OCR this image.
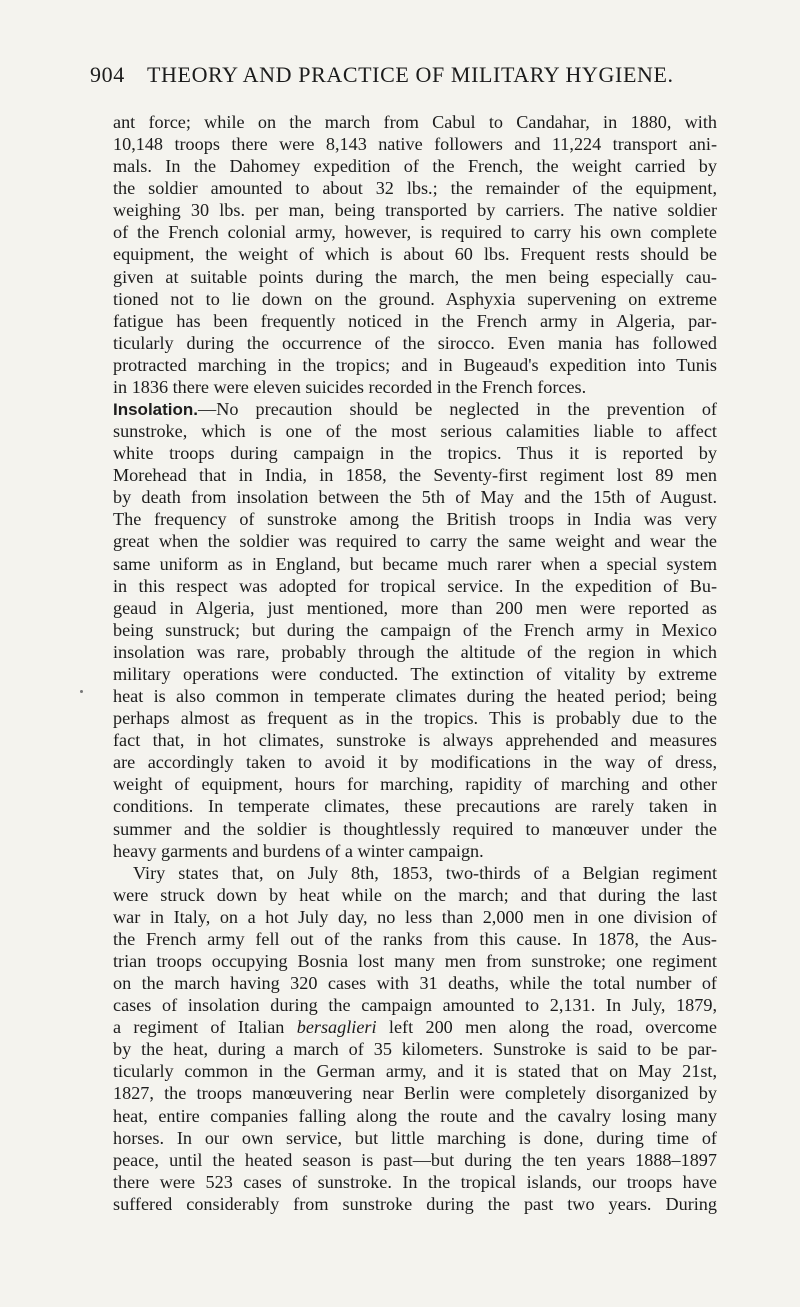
904 THEORY AND PRACTICE OF MILITARY HYGIENE.
ant force; while on the march from Cabul to Candahar, in 1880, with
10,148 troops there were 8,143 native followers and 11,224 transport ani-
mals. In the Dahomey expedition of the French, the weight carried by
the soldier amounted to about 32 lbs.; the remainder of the equipment,
weighing 30 lbs. per man, being transported by carriers. The native soldier
of the French colonial army, however, is required to carry his own complete
equipment, the weight of which is about 60 lbs. Frequent rests should be
given at suitable points during the march, the men being especially cau-
tioned not to lie down on the ground. Asphyxia supervening on extreme
fatigue has been frequently noticed in the French army in Algeria, par-
ticularly during the occurrence of the sirocco. Even mania has followed
protracted marching in the tropics; and in Bugeaud's expedition into Tunis
in 1836 there were eleven suicides recorded in the French forces.
Insolation.—No precaution should be neglected in the prevention of
sunstroke, which is one of the most serious calamities liable to affect
white troops during campaign in the tropics. Thus it is reported by
Morehead that in India, in 1858, the Seventy-first regiment lost 89 men
by death from insolation between the 5th of May and the 15th of August.
The frequency of sunstroke among the British troops in India was very
great when the soldier was required to carry the same weight and wear the
same uniform as in England, but became much rarer when a special system
in this respect was adopted for tropical service. In the expedition of Bu-
geaud in Algeria, just mentioned, more than 200 men were reported as
being sunstruck; but during the campaign of the French army in Mexico
insolation was rare, probably through the altitude of the region in which
military operations were conducted. The extinction of vitality by extreme
heat is also common in temperate climates during the heated period; being
perhaps almost as frequent as in the tropics. This is probably due to the
fact that, in hot climates, sunstroke is always apprehended and measures
are accordingly taken to avoid it by modifications in the way of dress,
weight of equipment, hours for marching, rapidity of marching and other
conditions. In temperate climates, these precautions are rarely taken in
summer and the soldier is thoughtlessly required to manœuver under the
heavy garments and burdens of a winter campaign.
Viry states that, on July 8th, 1853, two-thirds of a Belgian regiment
were struck down by heat while on the march; and that during the last
war in Italy, on a hot July day, no less than 2,000 men in one division of
the French army fell out of the ranks from this cause. In 1878, the Aus-
trian troops occupying Bosnia lost many men from sunstroke; one regiment
on the march having 320 cases with 31 deaths, while the total number of
cases of insolation during the campaign amounted to 2,131. In July, 1879,
a regiment of Italian bersaglieri left 200 men along the road, overcome
by the heat, during a march of 35 kilometers. Sunstroke is said to be par-
ticularly common in the German army, and it is stated that on May 21st,
1827, the troops manœuvering near Berlin were completely disorganized by
heat, entire companies falling along the route and the cavalry losing many
horses. In our own service, but little marching is done, during time of
peace, until the heated season is past—but during the ten years 1888–1897
there were 523 cases of sunstroke. In the tropical islands, our troops have
suffered considerably from sunstroke during the past two years. During
